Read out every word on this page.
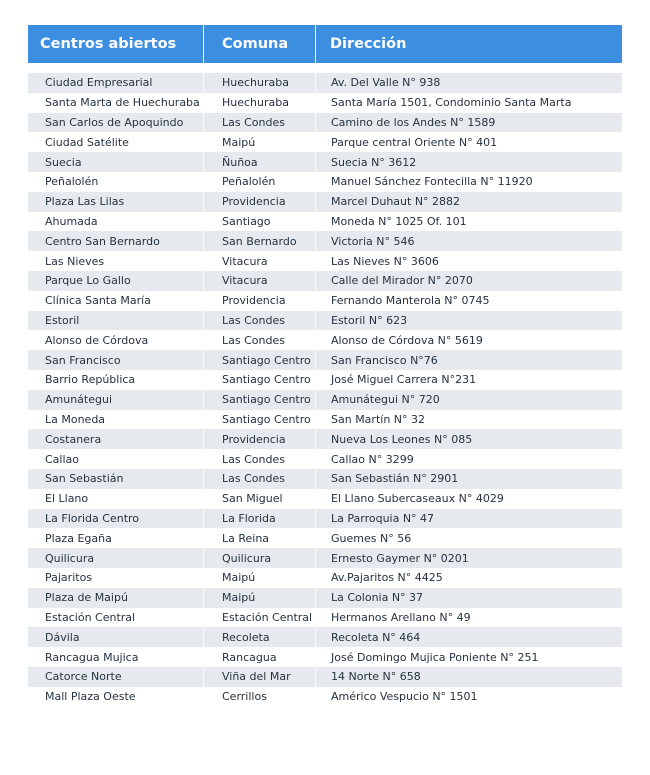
Centros abiertos	Comuna	Dirección
Ciudad Empresarial	Huechuraba	Av. Del Valle N° 938
Santa Marta de Huechuraba	Huechuraba	Santa María 1501, Condominio Santa Marta
San Carlos de Apoquindo	Las Condes	Camino de los Andes N° 1589
Ciudad Satélite	Maipú	Parque central Oriente N° 401
Suecia	Ñuñoa	Suecia N° 3612
Peñalolén	Peñalolén	Manuel Sánchez Fontecilla N° 11920
Plaza Las Lilas	Providencia	Marcel Duhaut N° 2882
Ahumada	Santiago	Moneda N° 1025 Of. 101
Centro San Bernardo	San Bernardo	Victoria N° 546
Las Nieves	Vitacura	Las Nieves N° 3606
Parque Lo Gallo	Vitacura	Calle del Mirador N° 2070
Clínica Santa María	Providencia	Fernando Manterola N° 0745
Estoril	Las Condes	Estoril N° 623
Alonso de Córdova	Las Condes	Alonso de Córdova N° 5619
San Francisco	Santiago Centro	San Francisco N°76
Barrio República	Santiago Centro	José Miguel Carrera N°231
Amunátegui	Santiago Centro	Amunátegui N° 720
La Moneda	Santiago Centro	San Martín N° 32
Costanera	Providencia	Nueva Los Leones N° 085
Callao	Las Condes	Callao N° 3299
San Sebastián	Las Condes	San Sebastián N° 2901
El Llano	San Miguel	El Llano Subercaseaux N° 4029
La Florida Centro	La Florida	La Parroquia N° 47
Plaza Egaña	La Reina	Guemes N° 56
Quilicura	Quilicura	Ernesto Gaymer N° 0201
Pajaritos	Maipú	Av.Pajaritos N° 4425
Plaza de Maipú	Maipú	La Colonia N° 37
Estación Central	Estación Central	Hermanos Arellano N° 49
Dávila	Recoleta	Recoleta N° 464
Rancagua Mujica	Rancagua	José Domingo Mujica Poniente N° 251
Catorce Norte	Viña del Mar	14 Norte N° 658
Mall Plaza Oeste	Cerrillos	Américo Vespucio N° 1501
